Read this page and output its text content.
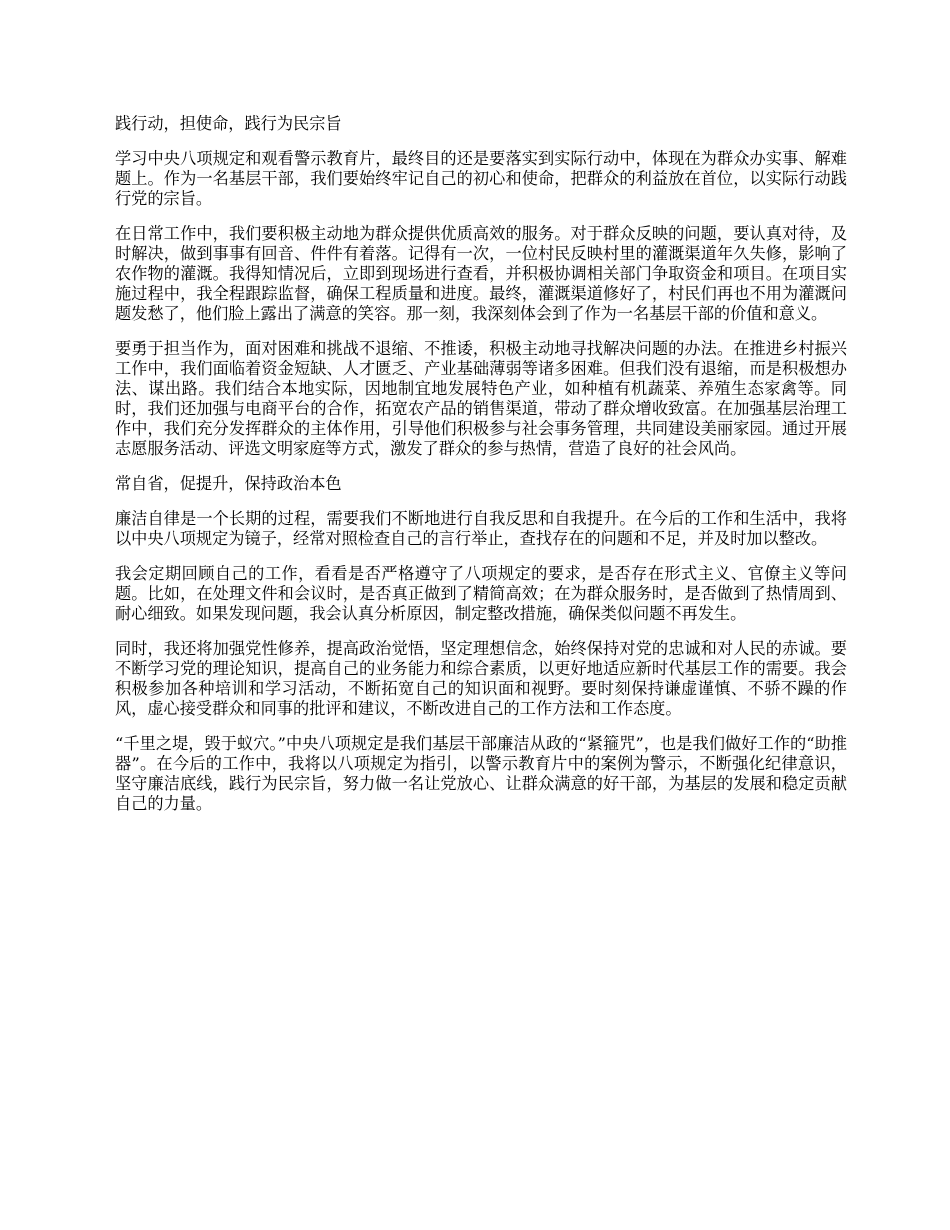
践行动，担使命，践行为民宗旨

学习中央八项规定和观看警示教育片，最终目的还是要落实到实际行动中，体现在为群众办实事、解难题上。作为一名基层干部，我们要始终牢记自己的初心和使命，把群众的利益放在首位，以实际行动践行党的宗旨。

在日常工作中，我们要积极主动地为群众提供优质高效的服务。对于群众反映的问题，要认真对待，及时解决，做到事事有回音、件件有着落。记得有一次，一位村民反映村里的灌溉渠道年久失修，影响了农作物的灌溉。我得知情况后，立即到现场进行查看，并积极协调相关部门争取资金和项目。在项目实施过程中，我全程跟踪监督，确保工程质量和进度。最终，灌溉渠道修好了，村民们再也不用为灌溉问题发愁了，他们脸上露出了满意的笑容。那一刻，我深刻体会到了作为一名基层干部的价值和意义。

要勇于担当作为，面对困难和挑战不退缩、不推诿，积极主动地寻找解决问题的办法。在推进乡村振兴工作中，我们面临着资金短缺、人才匮乏、产业基础薄弱等诸多困难。但我们没有退缩，而是积极想办法、谋出路。我们结合本地实际，因地制宜地发展特色产业，如种植有机蔬菜、养殖生态家禽等。同时，我们还加强与电商平台的合作，拓宽农产品的销售渠道，带动了群众增收致富。在加强基层治理工作中，我们充分发挥群众的主体作用，引导他们积极参与社会事务管理，共同建设美丽家园。通过开展志愿服务活动、评选文明家庭等方式，激发了群众的参与热情，营造了良好的社会风尚。

常自省，促提升，保持政治本色

廉洁自律是一个长期的过程，需要我们不断地进行自我反思和自我提升。在今后的工作和生活中，我将以中央八项规定为镜子，经常对照检查自己的言行举止，查找存在的问题和不足，并及时加以整改。

我会定期回顾自己的工作，看看是否严格遵守了八项规定的要求，是否存在形式主义、官僚主义等问题。比如，在处理文件和会议时，是否真正做到了精简高效；在为群众服务时，是否做到了热情周到、耐心细致。如果发现问题，我会认真分析原因，制定整改措施，确保类似问题不再发生。

同时，我还将加强党性修养，提高政治觉悟，坚定理想信念，始终保持对党的忠诚和对人民的赤诚。要不断学习党的理论知识，提高自己的业务能力和综合素质，以更好地适应新时代基层工作的需要。我会积极参加各种培训和学习活动，不断拓宽自己的知识面和视野。要时刻保持谦虚谨慎、不骄不躁的作风，虚心接受群众和同事的批评和建议，不断改进自己的工作方法和工作态度。

“千里之堤，毁于蚁穴。”中央八项规定是我们基层干部廉洁从政的“紧箍咒”，也是我们做好工作的“助推器”。在今后的工作中，我将以八项规定为指引，以警示教育片中的案例为警示，不断强化纪律意识，坚守廉洁底线，践行为民宗旨，努力做一名让党放心、让群众满意的好干部，为基层的发展和稳定贡献自己的力量。
